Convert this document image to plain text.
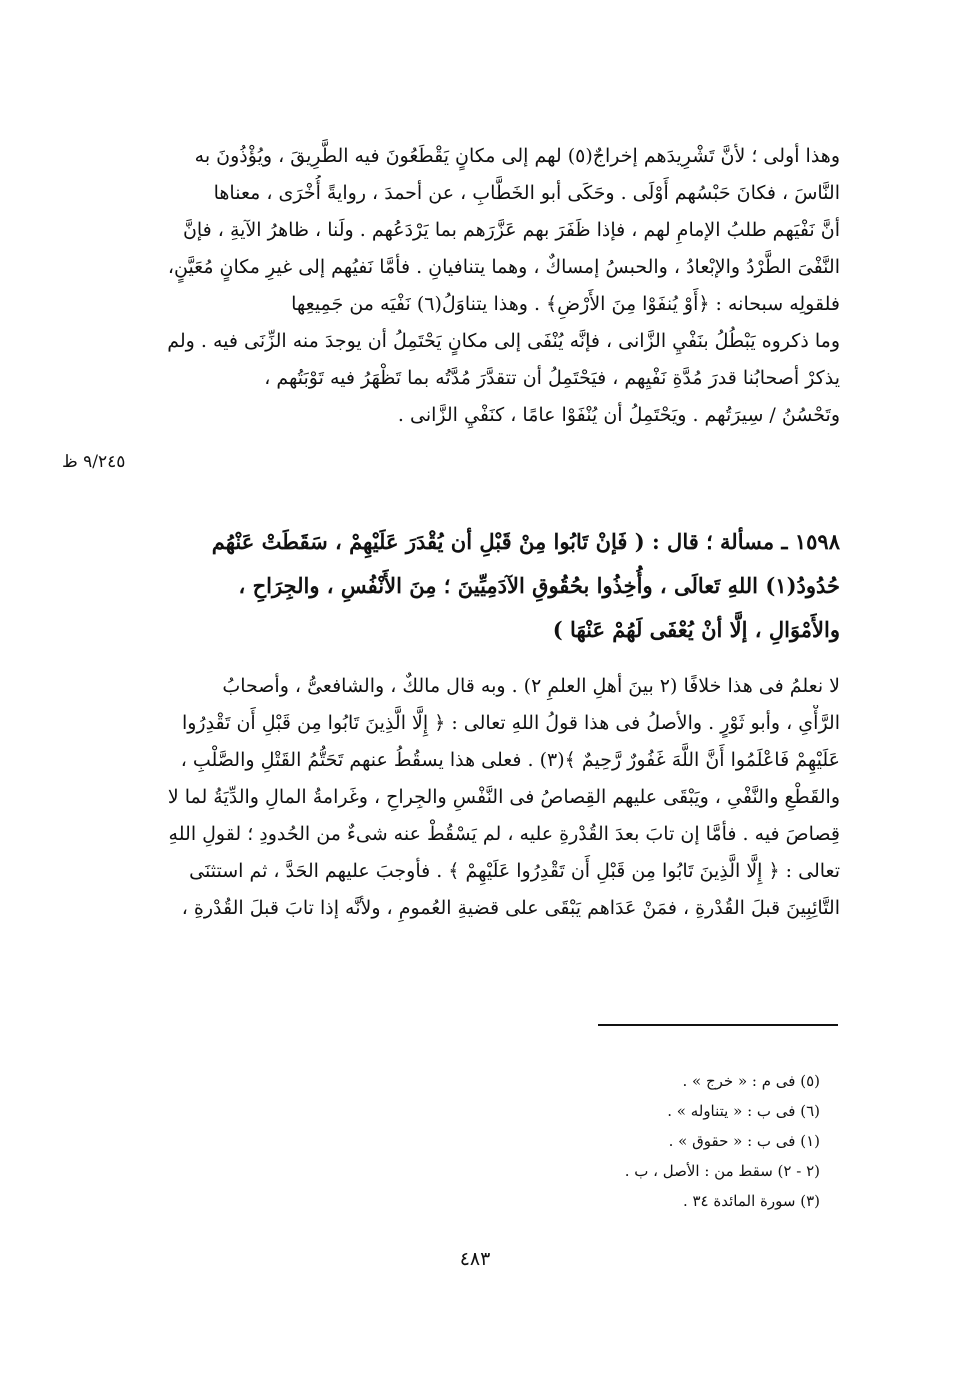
وهذا أولى ؛ لأنَّ تَشْرِيدَهم إخراجٌ(٥) لهم إلى مكانٍ يَقْطَعُونَ فيه الطَّرِيقَ ، ويُؤْذُونَ به
النَّاسَ ، فكانَ حَبْسُهم أَوْلَى . وحَكَى أبو الخَطَّابِ ، عن أحمدَ ، روايةً أُخْرَى ، معناها
أنَّ نَفْيَهم طلبُ الإمامِ لهم ، فإذا ظَفَرَ بهم عَزَّرَهم بما يَرْدَعُهم . ولَنا ، ظاهرُ الآيةِ ، فإنَّ
النَّفْىَ الطَّرْدُ والإبْعادُ ، والحبسُ إمساكٌ ، وهما يتنافيانِ . فأمَّا نَفيُهم إلى غيرِ مكانٍ مُعَيَّنٍ،
فلقولِه سبحانه : ﴿أَوْ يُنفَوْا مِنَ الأَرْضِ﴾ . وهذا يتناوَلُ(٦) نَفْيَه من جَمِيعِها
وما ذكروه يَبْطُلُ بنَفْيِ الزَّانى ، فإنَّه يُنْفَى إلى مكانٍ يَحْتَمِلُ أن يوجدَ منه الزِّنَى فيه . ولم
يذكرْ أصحابُنا قدرَ مُدَّةِ نَفْيِهم ، فيَحْتَمِلُ أن تتقدَّرَ مُدَّتُه بما تَظْهَرُ فيه تَوْبَتُهم ،
وتَحْسُنُ / سِيرَتُهم . ويَحْتَمِلُ أن يُنْفَوْا عامًا ، كنَفْيِ الزَّانى .
٩/٢٤٥ ظ
١٥٩٨ ـ مسألة ؛ قال : ( فَإنْ تَابُوا مِنْ قَبْلِ أن يُقْدَرَ عَلَيْهِمْ ، سَقَطَتْ عَنْهُم
حُدُودُ(١) اللهِ تَعالَى ، وأُخِذُوا بحُقُوقِ الآدَمِيِّينَ ؛ مِنَ الأَنْفُسِ ، والجِرَاحِ ،
والأَمْوَالِ ، إلَّا أنْ يُعْفَى لَهُمْ عَنْهَا )
لا نعلمُ فى هذا خلافًا (٢ بينَ أهلِ العلمِ ٢) . وبه قال مالكٌ ، والشافعىُّ ، وأصحابُ
الرَّأْىِ ، وأبو ثَوْرٍ . والأصلُ فى هذا قولُ اللهِ تعالى : ﴿ إِلَّا الَّذِينَ تَابُوا مِن قَبْلِ أَن تَقْدِرُوا
عَلَيْهِمْ فَاعْلَمُوا أَنَّ اللَّهَ غَفُورٌ رَّحِيمٌ ﴾(٣) . فعلى هذا يسقُطُ عنهم تَحَتُّمُ القَتْلِ والصَّلْبِ ،
والقَطْعِ والنَّفْىِ ، ويَبْقَى عليهم القِصاصُ فى النَّفْسِ والجِراحِ ، وغَرامةُ المالِ والدِّيَةُ لما لا
قِصاصَ فيه . فأمَّا إن تابَ بعدَ القُدْرةِ عليه ، لم يَسْقُطْ عنه شىءٌ من الحُدودِ ؛ لقولِ اللهِ
تعالى : ﴿ إِلَّا الَّذِينَ تَابُوا مِن قَبْلِ أَن تَقْدِرُوا عَلَيْهِمْ ﴾ . فأوجبَ عليهم الحَدَّ ، ثم استثنَى
التَّائِبِينَ قبلَ القُدْرةِ ، فمَنْ عَدَاهم يَبْقَى على قضيةِ العُمومِ ، ولأنَّه إذا تابَ قبلَ القُدْرةِ ،
(٥) فى م : « خرج » .
(٦) فى ب : « يتناوله » .
(١) فى ب : « حقوق » .
(٢ - ٢) سقط من : الأصل ، ب .
(٣) سورة المائدة ٣٤ .
٤٨٣
